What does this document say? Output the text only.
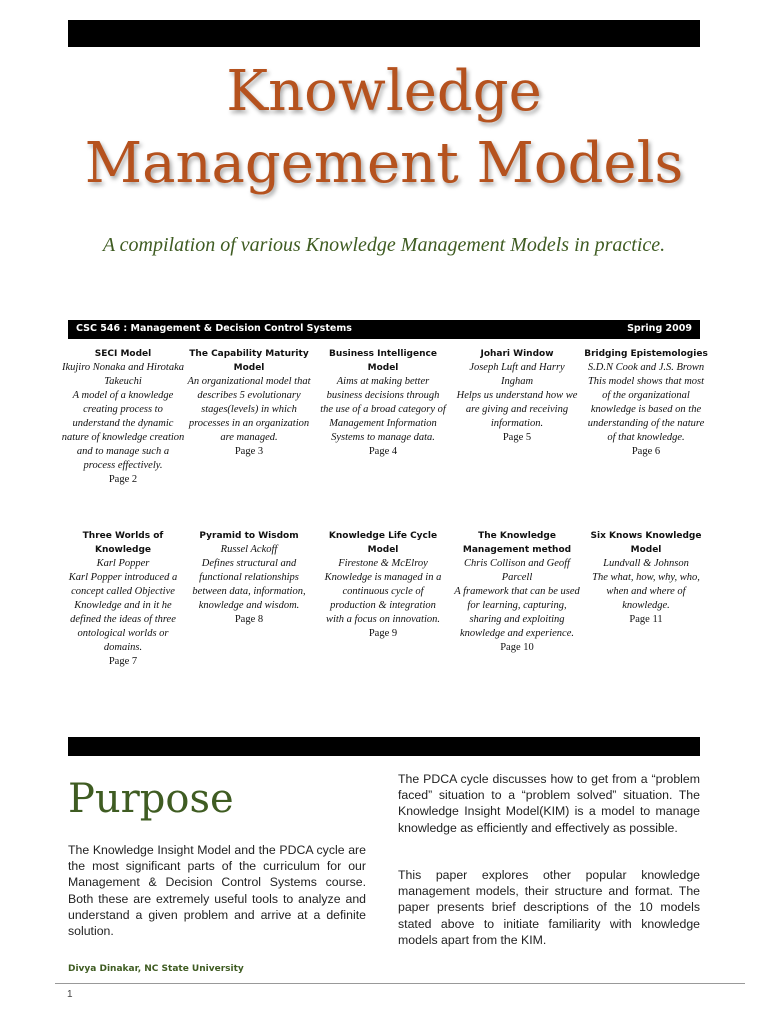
Knowledge
Management Models
A compilation of various Knowledge Management Models in practice.
CSC 546 : Management & Decision Control Systems	Spring 2009
SECI Model
Ikujiro Nonaka and Hirotaka Takeuchi
A model of a knowledge creating process to understand the dynamic nature of knowledge creation and to manage such a process effectively.
Page 2
The Capability Maturity Model
An organizational model that describes 5 evolutionary stages(levels) in which processes in an organization are managed.
Page 3
Business Intelligence Model
Aims at making better business decisions through the use of a broad category of Management Information Systems to manage data.
Page 4
Johari Window
Joseph Luft and Harry Ingham
Helps us understand how we are giving and receiving information.
Page 5
Bridging Epistemologies
S.D.N Cook and J.S. Brown
This model shows that most of the organizational knowledge is based on the understanding of the nature of that knowledge.
Page 6
Three Worlds of Knowledge
Karl Popper
Karl Popper introduced a concept called Objective Knowledge and in it he defined the ideas of three ontological worlds or domains.
Page 7
Pyramid to Wisdom
Russel Ackoff
Defines structural and functional relationships between data, information, knowledge and wisdom.
Page 8
Knowledge Life Cycle Model
Firestone & McElroy
Knowledge is managed in a continuous cycle of production & integration with a focus on innovation.
Page 9
The Knowledge Management method
Chris Collison and Geoff Parcell
A framework that can be used for learning, capturing, sharing and exploiting knowledge and experience.
Page 10
Six Knows Knowledge Model
Lundvall & Johnson
The what, how, why, who, when and where of knowledge.
Page 11
Purpose
The Knowledge Insight Model and the PDCA cycle are the most significant parts of the curriculum for our Management & Decision Control Systems course. Both these are extremely useful tools to analyze and understand a given problem and arrive at a definite solution.
The PDCA cycle discusses how to get from a “problem faced” situation to a “problem solved” situation. The Knowledge Insight Model(KIM) is a model to manage knowledge as efficiently and effectively as possible.
This paper explores other popular knowledge management models, their structure and format. The paper presents brief descriptions of the 10 models stated above to initiate familiarity with knowledge models apart from the KIM.
Divya Dinakar, NC State University
1
